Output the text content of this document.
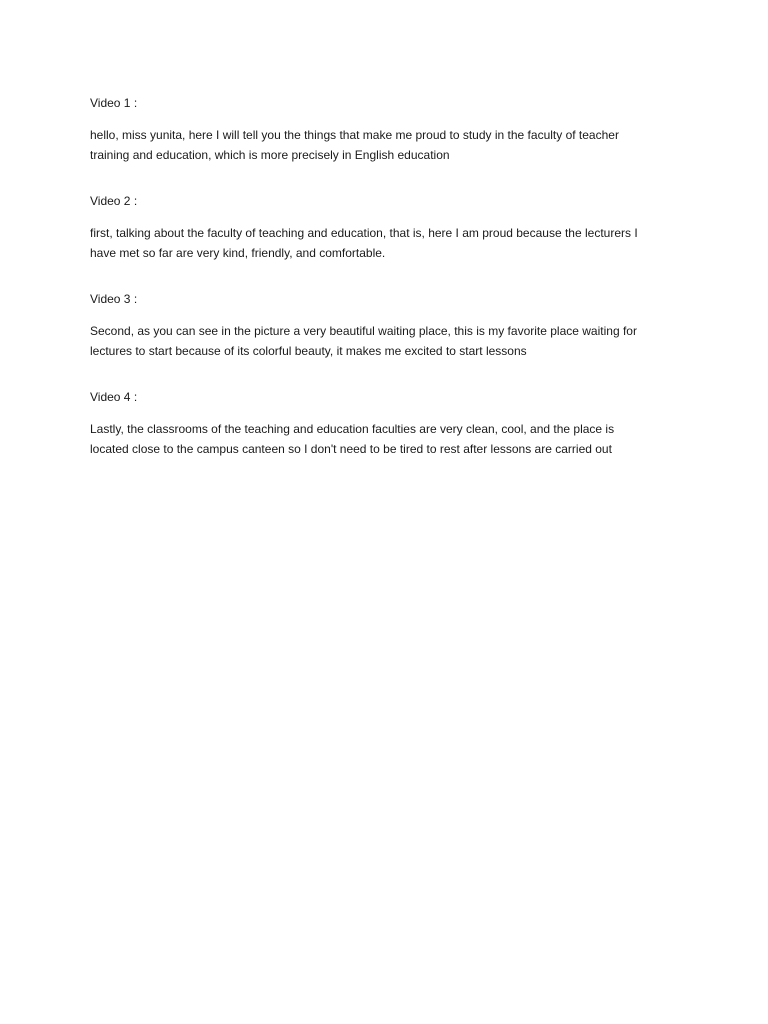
Video 1 :
hello, miss yunita, here I will tell you the things that make me proud to study in the faculty of teacher
training and education, which is more precisely in English education
Video 2 :
first, talking about the faculty of teaching and education, that is, here I am proud because the lecturers I
have met so far are very kind, friendly, and comfortable.
Video 3 :
Second, as you can see in the picture a very beautiful waiting place, this is my favorite place waiting for
lectures to start because of its colorful beauty, it makes me excited to start lessons
Video 4 :
Lastly, the classrooms of the teaching and education faculties are very clean, cool, and the place is
located close to the campus canteen so I don't need to be tired to rest after lessons are carried out
